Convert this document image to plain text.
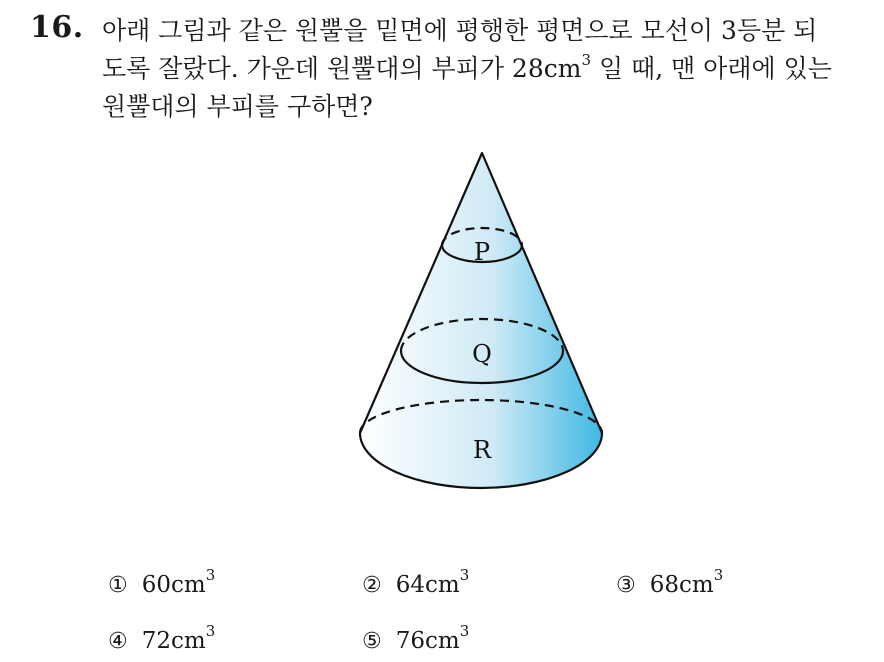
16. 아래 그림과 같은 원뿔을 밑면에 평행한 평면으로 모선이 3등분 되
도록 잘랐다. 가운데 원뿔대의 부피가 $28cm^3$ 일 때, 맨 아래에 있는
원뿔대의 부피를 구하면?
P
Q
R
① $60cm^3$	② $64cm^3$	③ $68cm^3$
④ $72cm^3$	⑤ $76cm^3$
